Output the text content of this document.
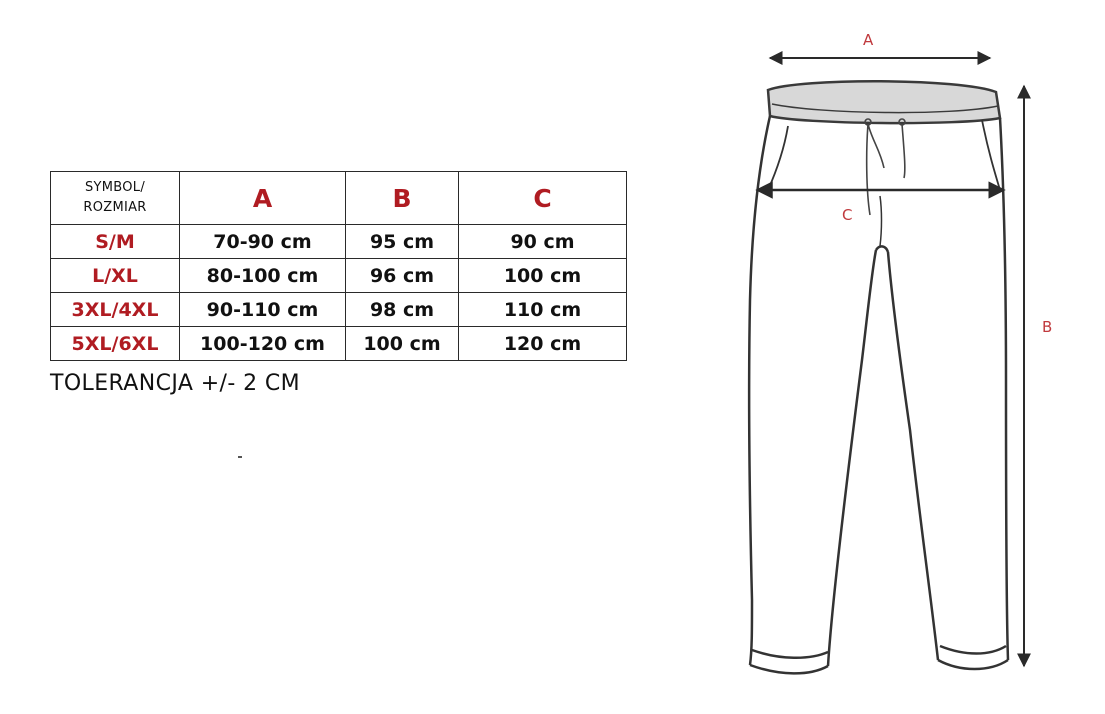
SYMBOL/
ROZMIAR	A	B	C
S/M	70-90 cm	95 cm	90 cm
L/XL	80-100 cm	96 cm	100 cm
3XL/4XL	90-110 cm	98 cm	110 cm
5XL/6XL	100-120 cm	100 cm	120 cm
TOLERANCJA +/- 2 CM
A
C
B
